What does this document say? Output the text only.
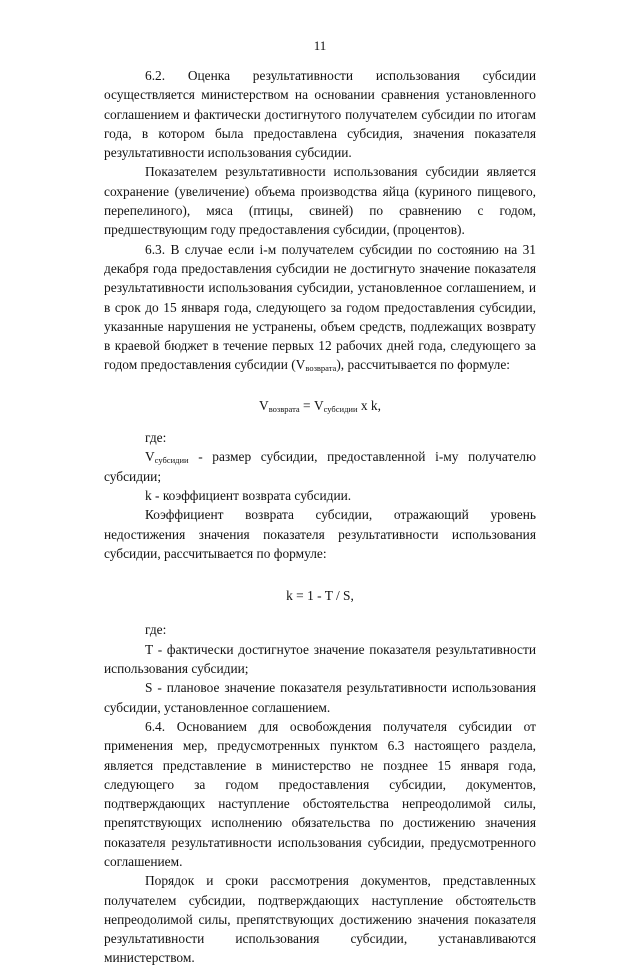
11

6.2. Оценка результативности использования субсидии осуществляется министерством на основании сравнения установленного соглашением и фактически достигнутого получателем субсидии по итогам года, в котором была предоставлена субсидия, значения показателя результативности использования субсидии.

Показателем результативности использования субсидии является сохранение (увеличение) объема производства яйца (куриного пищевого, перепелиного), мяса (птицы, свиней) по сравнению с годом, предшествующим году предоставления субсидии, (процентов).

6.3. В случае если i-м получателем субсидии по состоянию на 31 декабря года предоставления субсидии не достигнуто значение показателя результативности использования субсидии, установленное соглашением, и в срок до 15 января года, следующего за годом предоставления субсидии, указанные нарушения не устранены, объем средств, подлежащих возврату в краевой бюджет в течение первых 12 рабочих дней года, следующего за годом предоставления субсидии $(V_{возврата})$, рассчитывается по формуле:

$V_{возврата} = V_{субсидии}$ x k,

где:

$V_{субсидии}$ - размер субсидии, предоставленной i-му получателю субсидии;

k - коэффициент возврата субсидии.

Коэффициент возврата субсидии, отражающий уровень недостижения значения показателя результативности использования субсидии, рассчитывается по формуле:

k = 1 - T / S,

где:

T - фактически достигнутое значение показателя результативности использования субсидии;

S - плановое значение показателя результативности использования субсидии, установленное соглашением.

6.4. Основанием для освобождения получателя субсидии от применения мер, предусмотренных пунктом 6.3 настоящего раздела, является представление в министерство не позднее 15 января года, следующего за годом предоставления субсидии, документов, подтверждающих наступление обстоятельства непреодолимой силы, препятствующих исполнению обязательства по достижению значения показателя результативности использования субсидии, предусмотренного соглашением.

Порядок и сроки рассмотрения документов, представленных получателем субсидии, подтверждающих наступление обстоятельств непреодолимой силы, препятствующих достижению значения показателя результативности использования субсидии, устанавливаются министерством.
